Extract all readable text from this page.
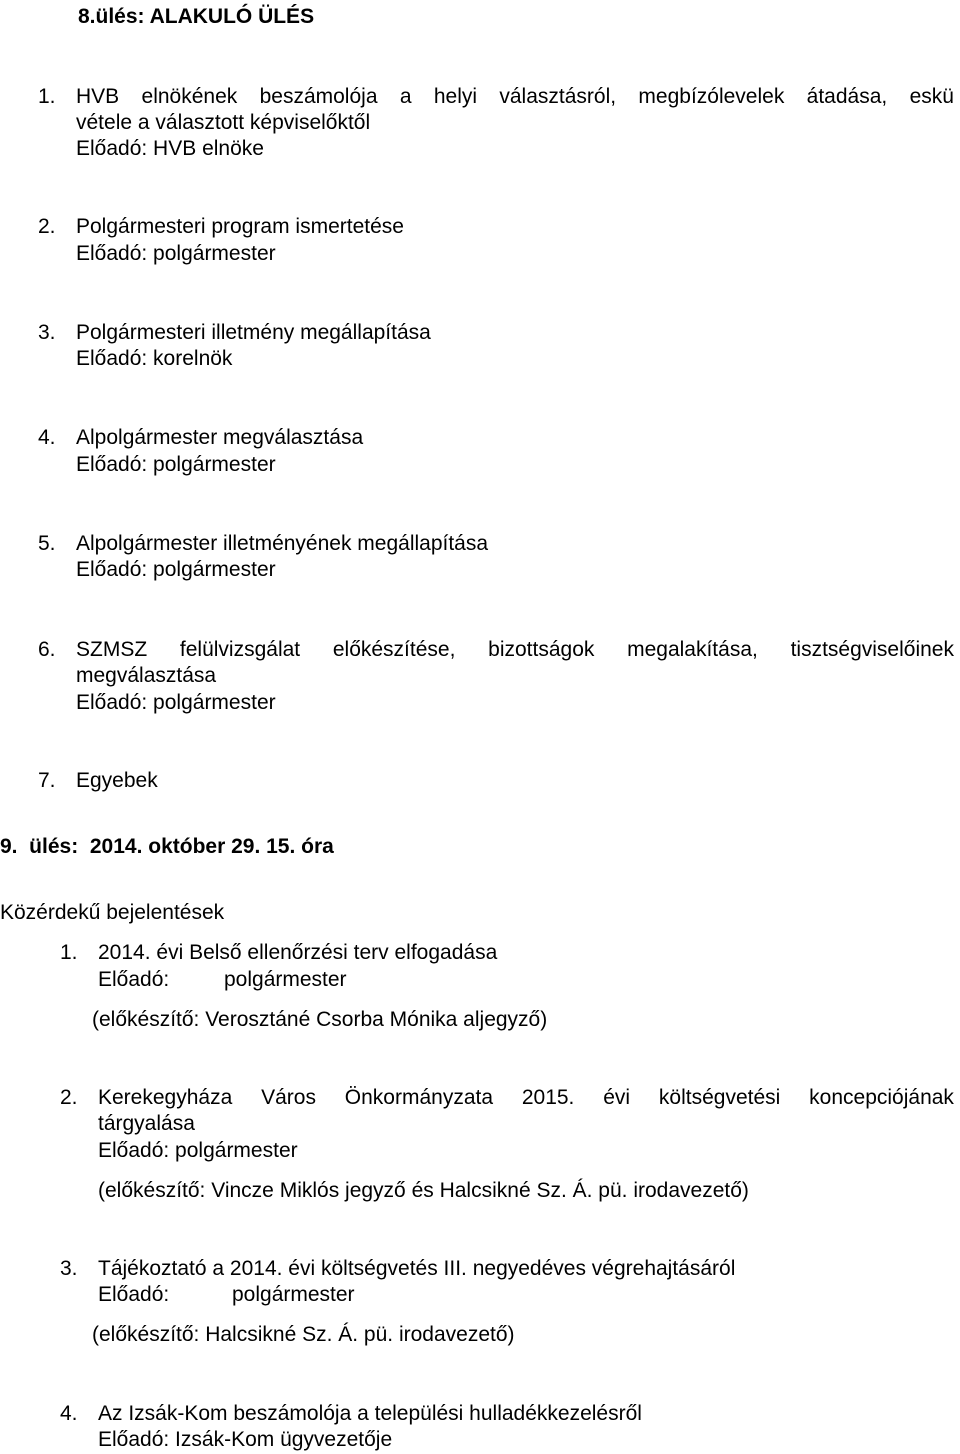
8.ülés: ALAKULÓ ÜLÉS
1. HVB elnökének beszámolója a helyi választásról, megbízólevelek átadása, eskü
vétele a választott képviselőktől
Előadó: HVB elnöke
2. Polgármesteri program ismertetése
Előadó: polgármester
3. Polgármesteri illetmény megállapítása
Előadó: korelnök
4. Alpolgármester megválasztása
Előadó: polgármester
5. Alpolgármester illetményének megállapítása
Előadó: polgármester
6. SZMSZ felülvizsgálat előkészítése, bizottságok megalakítása, tisztségviselőinek
megválasztása
Előadó: polgármester
7. Egyebek
9.  ülés:  2014. október 29. 15. óra
Közérdekű bejelentések
1. 2014. évi Belső ellenőrzési terv elfogadása
Előadó:	polgármester
(előkészítő: Verosztáné Csorba Mónika aljegyző)
2. Kerekegyháza Város Önkormányzata 2015. évi költségvetési koncepciójának
tárgyalása
Előadó: polgármester
(előkészítő: Vincze Miklós jegyző és Halcsikné Sz. Á. pü. irodavezető)
3. Tájékoztató a 2014. évi költségvetés III. negyedéves végrehajtásáról
Előadó:	polgármester
(előkészítő: Halcsikné Sz. Á. pü. irodavezető)
4. Az Izsák-Kom beszámolója a települési hulladékkezelésről
Előadó: Izsák-Kom ügyvezetője
